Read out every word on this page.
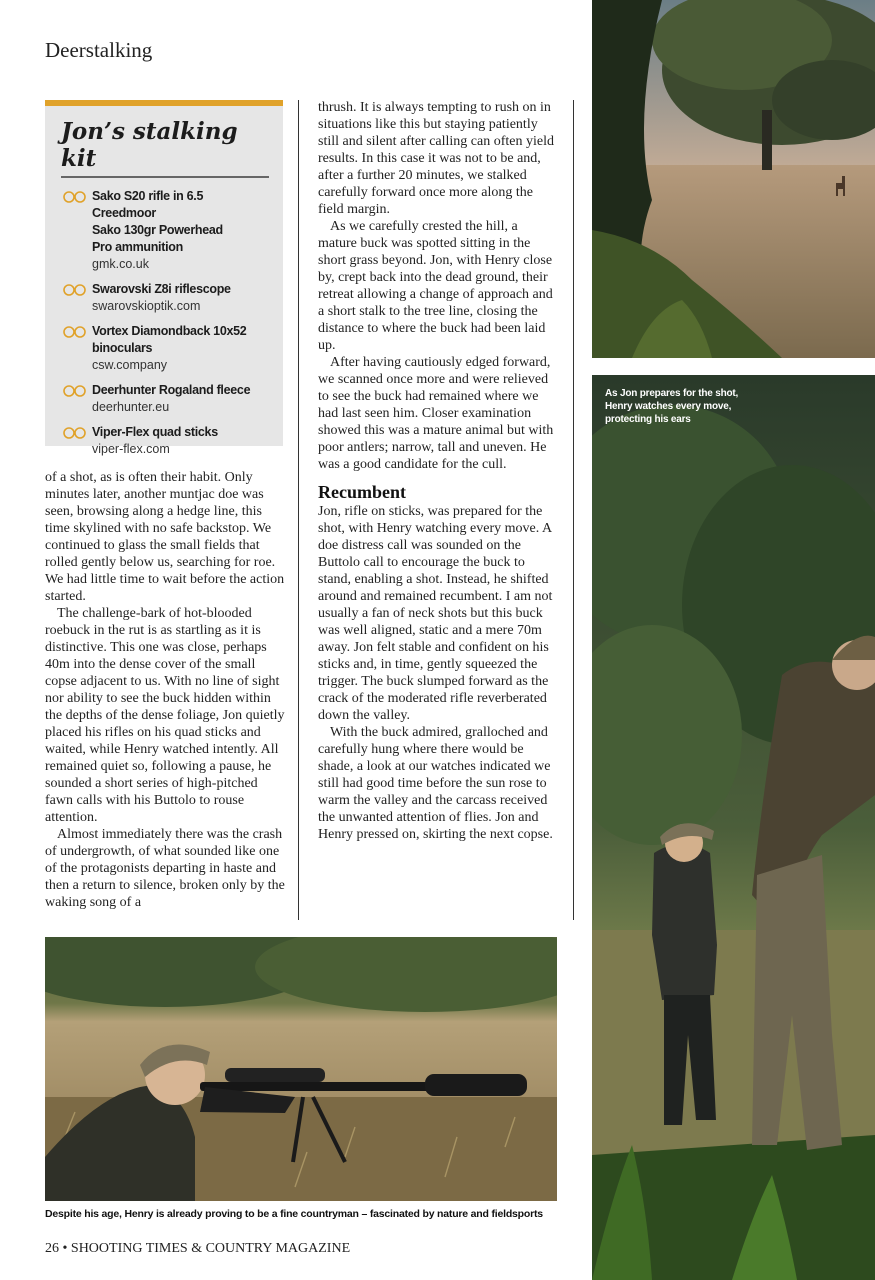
Deerstalking
Jon’s stalking kit
Sako S20 rifle in 6.5
Creedmoor
Sako 130gr Powerhead
Pro ammunition
gmk.co.uk
Swarovski Z8i riflescope
swarovskioptik.com
Vortex Diamondback 10x52
binoculars
csw.company
Deerhunter Rogaland fleece
deerhunter.eu
Viper-Flex quad sticks
viper-flex.com

of a shot, as is often their habit. Only minutes later, another muntjac doe was seen, browsing along a hedge line, this time skylined with no safe backstop. We continued to glass the small fields that rolled gently below us, searching for roe. We had little time to wait before the action started.

The challenge-bark of hot-blooded roebuck in the rut is as startling as it is distinctive. This one was close, perhaps 40m into the dense cover of the small copse adjacent to us. With no line of sight nor ability to see the buck hidden within the depths of the dense foliage, Jon quietly placed his rifles on his quad sticks and waited, while Henry watched intently. All remained quiet so, following a pause, he sounded a short series of high-pitched fawn calls with his Buttolo to rouse attention.

Almost immediately there was the crash of undergrowth, of what sounded like one of the protagonists departing in haste and then a return to silence, broken only by the waking song of a

thrush. It is always tempting to rush on in situations like this but staying patiently still and silent after calling can often yield results. In this case it was not to be and, after a further 20 minutes, we stalked carefully forward once more along the field margin.

As we carefully crested the hill, a mature buck was spotted sitting in the short grass beyond. Jon, with Henry close by, crept back into the dead ground, their retreat allowing a change of approach and a short stalk to the tree line, closing the distance to where the buck had been laid up.

After having cautiously edged forward, we scanned once more and were relieved to see the buck had remained where we had last seen him. Closer examination showed this was a mature animal but with poor antlers; narrow, tall and uneven. He was a good candidate for the cull.

Recumbent

Jon, rifle on sticks, was prepared for the shot, with Henry watching every move. A doe distress call was sounded on the Buttolo call to encourage the buck to stand, enabling a shot. Instead, he shifted around and remained recumbent. I am not usually a fan of neck shots but this buck was well aligned, static and a mere 70m away. Jon felt stable and confident on his sticks and, in time, gently squeezed the trigger. The buck slumped forward as the crack of the moderated rifle reverberated down the valley.

With the buck admired, gralloched and carefully hung where there would be shade, a look at our watches indicated we still had good time before the sun rose to warm the valley and the carcass received the unwanted attention of flies. Jon and Henry pressed on, skirting the next copse.

As Jon prepares for the shot, Henry watches every move, protecting his ears
Despite his age, Henry is already proving to be a fine countryman – fascinated by nature and fieldsports
26 • SHOOTING TIMES & COUNTRY MAGAZINE
